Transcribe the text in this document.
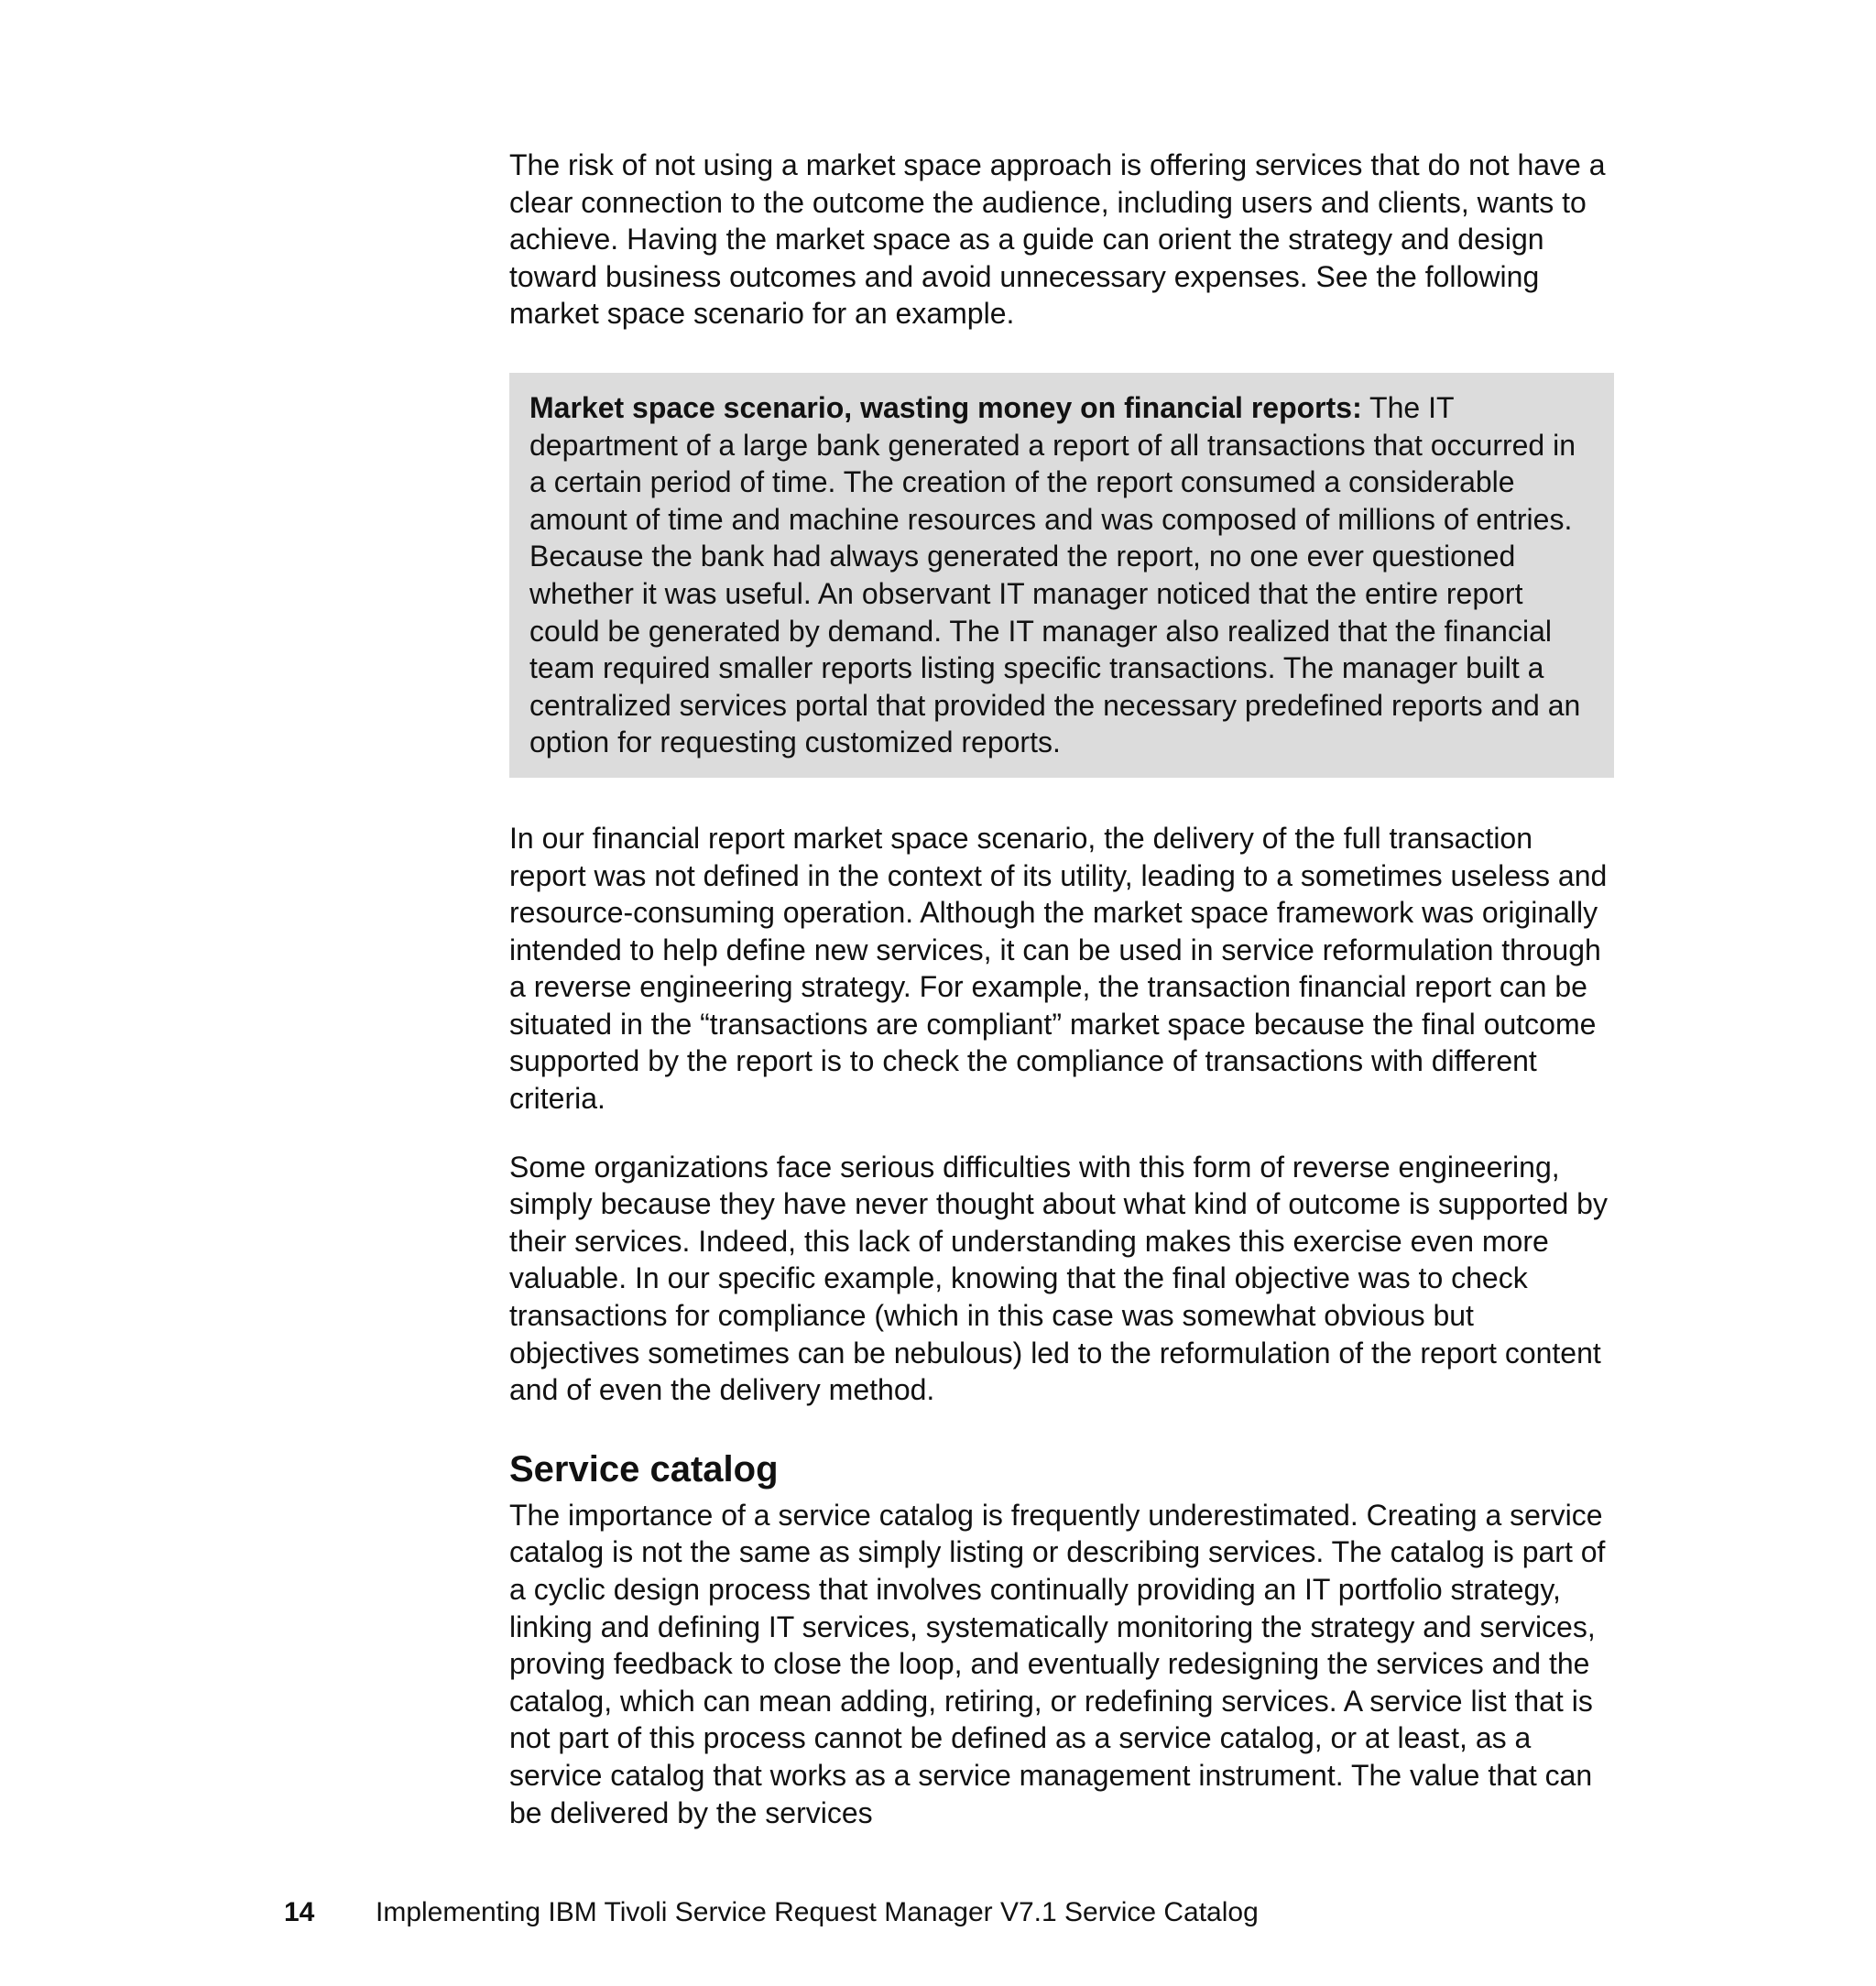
The risk of not using a market space approach is offering services that do not have a clear connection to the outcome the audience, including users and clients, wants to achieve. Having the market space as a guide can orient the strategy and design toward business outcomes and avoid unnecessary expenses. See the following market space scenario for an example.

Market space scenario, wasting money on financial reports: The IT department of a large bank generated a report of all transactions that occurred in a certain period of time. The creation of the report consumed a considerable amount of time and machine resources and was composed of millions of entries. Because the bank had always generated the report, no one ever questioned whether it was useful. An observant IT manager noticed that the entire report could be generated by demand. The IT manager also realized that the financial team required smaller reports listing specific transactions. The manager built a centralized services portal that provided the necessary predefined reports and an option for requesting customized reports.

In our financial report market space scenario, the delivery of the full transaction report was not defined in the context of its utility, leading to a sometimes useless and resource-consuming operation. Although the market space framework was originally intended to help define new services, it can be used in service reformulation through a reverse engineering strategy. For example, the transaction financial report can be situated in the “transactions are compliant” market space because the final outcome supported by the report is to check the compliance of transactions with different criteria.

Some organizations face serious difficulties with this form of reverse engineering, simply because they have never thought about what kind of outcome is supported by their services. Indeed, this lack of understanding makes this exercise even more valuable. In our specific example, knowing that the final objective was to check transactions for compliance (which in this case was somewhat obvious but objectives sometimes can be nebulous) led to the reformulation of the report content and of even the delivery method.

Service catalog

The importance of a service catalog is frequently underestimated. Creating a service catalog is not the same as simply listing or describing services. The catalog is part of a cyclic design process that involves continually providing an IT portfolio strategy, linking and defining IT services, systematically monitoring the strategy and services, proving feedback to close the loop, and eventually redesigning the services and the catalog, which can mean adding, retiring, or redefining services. A service list that is not part of this process cannot be defined as a service catalog, or at least, as a service catalog that works as a service management instrument. The value that can be delivered by the services

14 Implementing IBM Tivoli Service Request Manager V7.1 Service Catalog
